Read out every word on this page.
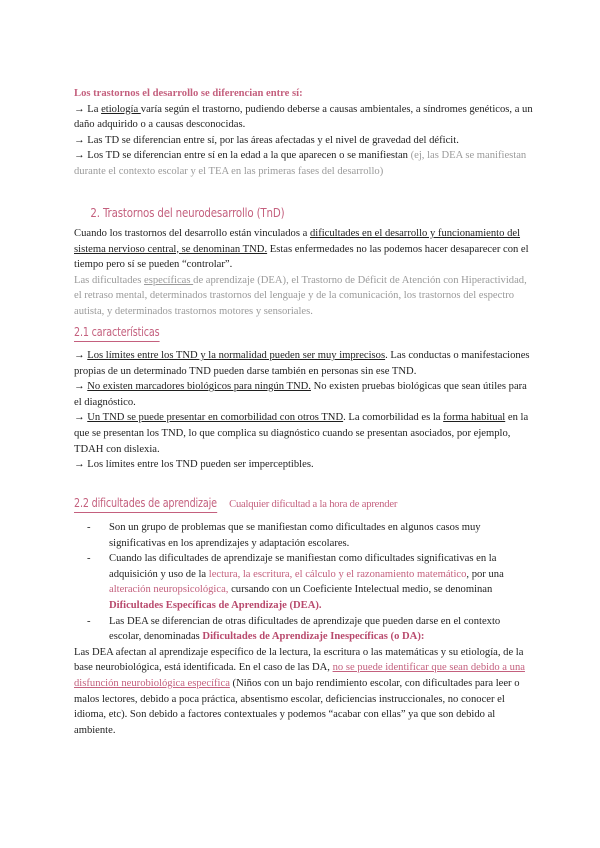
Los trastornos el desarrollo se diferencian entre sí:

→ La etiología varía según el trastorno, pudiendo deberse a causas ambientales, a síndromes genéticos, a un daño adquirido o a causas desconocidas.

→ Las TD se diferencian entre sí, por las áreas afectadas y el nivel de gravedad del déficit.

→ Los TD se diferencian entre sí en la edad a la que aparecen o se manifiestan (ej, las DEA se manifiestan durante el contexto escolar y el TEA en las primeras fases del desarrollo)

2. Trastornos del neurodesarrollo (TnD)

Cuando los trastornos del desarrollo están vinculados a dificultades en el desarrollo y funcionamiento del sistema nervioso central, se denominan TND. Estas enfermedades no las podemos hacer desaparecer con el tiempo pero sí se pueden “controlar”.

Las dificultades específicas de aprendizaje (DEA), el Trastorno de Déficit de Atención con Hiperactividad, el retraso mental, determinados trastornos del lenguaje y de la comunicación, los trastornos del espectro autista, y determinados trastornos motores y sensoriales.

2.1 características

→ Los límites entre los TND y la normalidad pueden ser muy imprecisos. Las conductas o manifestaciones propias de un determinado TND pueden darse también en personas sin ese TND.

→ No existen marcadores biológicos para ningún TND. No existen pruebas biológicas que sean útiles para el diagnóstico.

→ Un TND se puede presentar en comorbilidad con otros TND. La comorbilidad es la forma habitual en la que se presentan los TND, lo que complica su diagnóstico cuando se presentan asociados, por ejemplo, TDAH con dislexia.

→ Los límites entre los TND pueden ser imperceptibles.

2.2 dificultades de aprendizaje Cualquier dificultad a la hora de aprender
- Son un grupo de problemas que se manifiestan como dificultades en algunos casos muy significativas en los aprendizajes y adaptación escolares.
- Cuando las dificultades de aprendizaje se manifiestan como dificultades significativas en la adquisición y uso de la lectura, la escritura, el cálculo y el razonamiento matemático, por una alteración neuropsicológica, cursando con un Coeficiente Intelectual medio, se denominan Dificultades Específicas de Aprendizaje (DEA).
- Las DEA se diferencian de otras dificultades de aprendizaje que pueden darse en el contexto escolar, denominadas Dificultades de Aprendizaje Inespecíficas (o DA):

Las DEA afectan al aprendizaje específico de la lectura, la escritura o las matemáticas y su etiología, de la base neurobiológica, está identificada. En el caso de las DA, no se puede identificar que sean debido a una disfunción neurobiológica específica (Niños con un bajo rendimiento escolar, con dificultades para leer o malos lectores, debido a poca práctica, absentismo escolar, deficiencias instruccionales, no conocer el idioma, etc). Son debido a factores contextuales y podemos “acabar con ellas” ya que son debido al ambiente.
